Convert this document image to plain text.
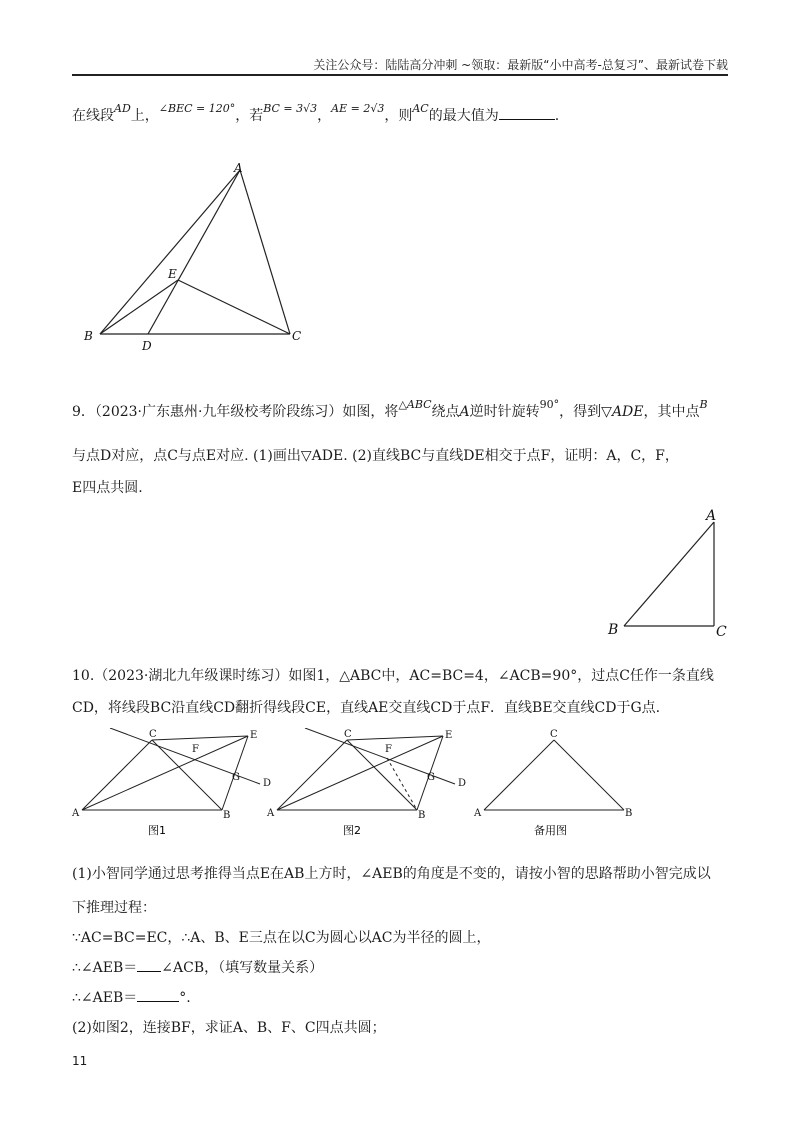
关注公众号：陆陆高分冲刺 ~领取：最新版“小中高考-总复习”、最新试卷下载
在线段$^{AD}$上，$^{\angle BEC = 120^\circ}$，若$^{BC = 3√3}$，$^{AE = 2√3}$，则$^{AC}$的最大值为	.
A
E
B
D
C
9．（2023·广东惠州·九年级校考阶段练习）如图，将$^{\triangle ABC}$绕点A逆时针旋转$^{90^\circ}$，得到▽ADE，其中点$^B$
与点D对应，点C与点E对应. (1)画出▽ADE. (2)直线BC与直线DE相交于点F，证明：A，C，F，
E四点共圆.
A
B	C
10.（2023·湖北九年级课时练习）如图1，△ABC中，AC=BC=4，∠ACB=90°，过点C任作一条直线
CD，将线段BC沿直线CD翻折得线段CE，直线AE交直线CD于点F．直线BE交直线CD于G点.
C	E
F
G
D
A	B
图1
C	E
F
G
D
A	B
图2
C
A	B
备用图
(1)小智同学通过思考推得当点E在AB上方时，∠AEB的角度是不变的，请按小智的思路帮助小智完成以
下推理过程：
∵AC=BC=EC，∴A、B、E三点在以C为圆心以AC为半径的圆上，
∴∠AEB＝ ∠ACB，（填写数量关系）
∴∠AEB＝	°.
(2)如图2，连接BF，求证A、B、F、C四点共圆；
11
